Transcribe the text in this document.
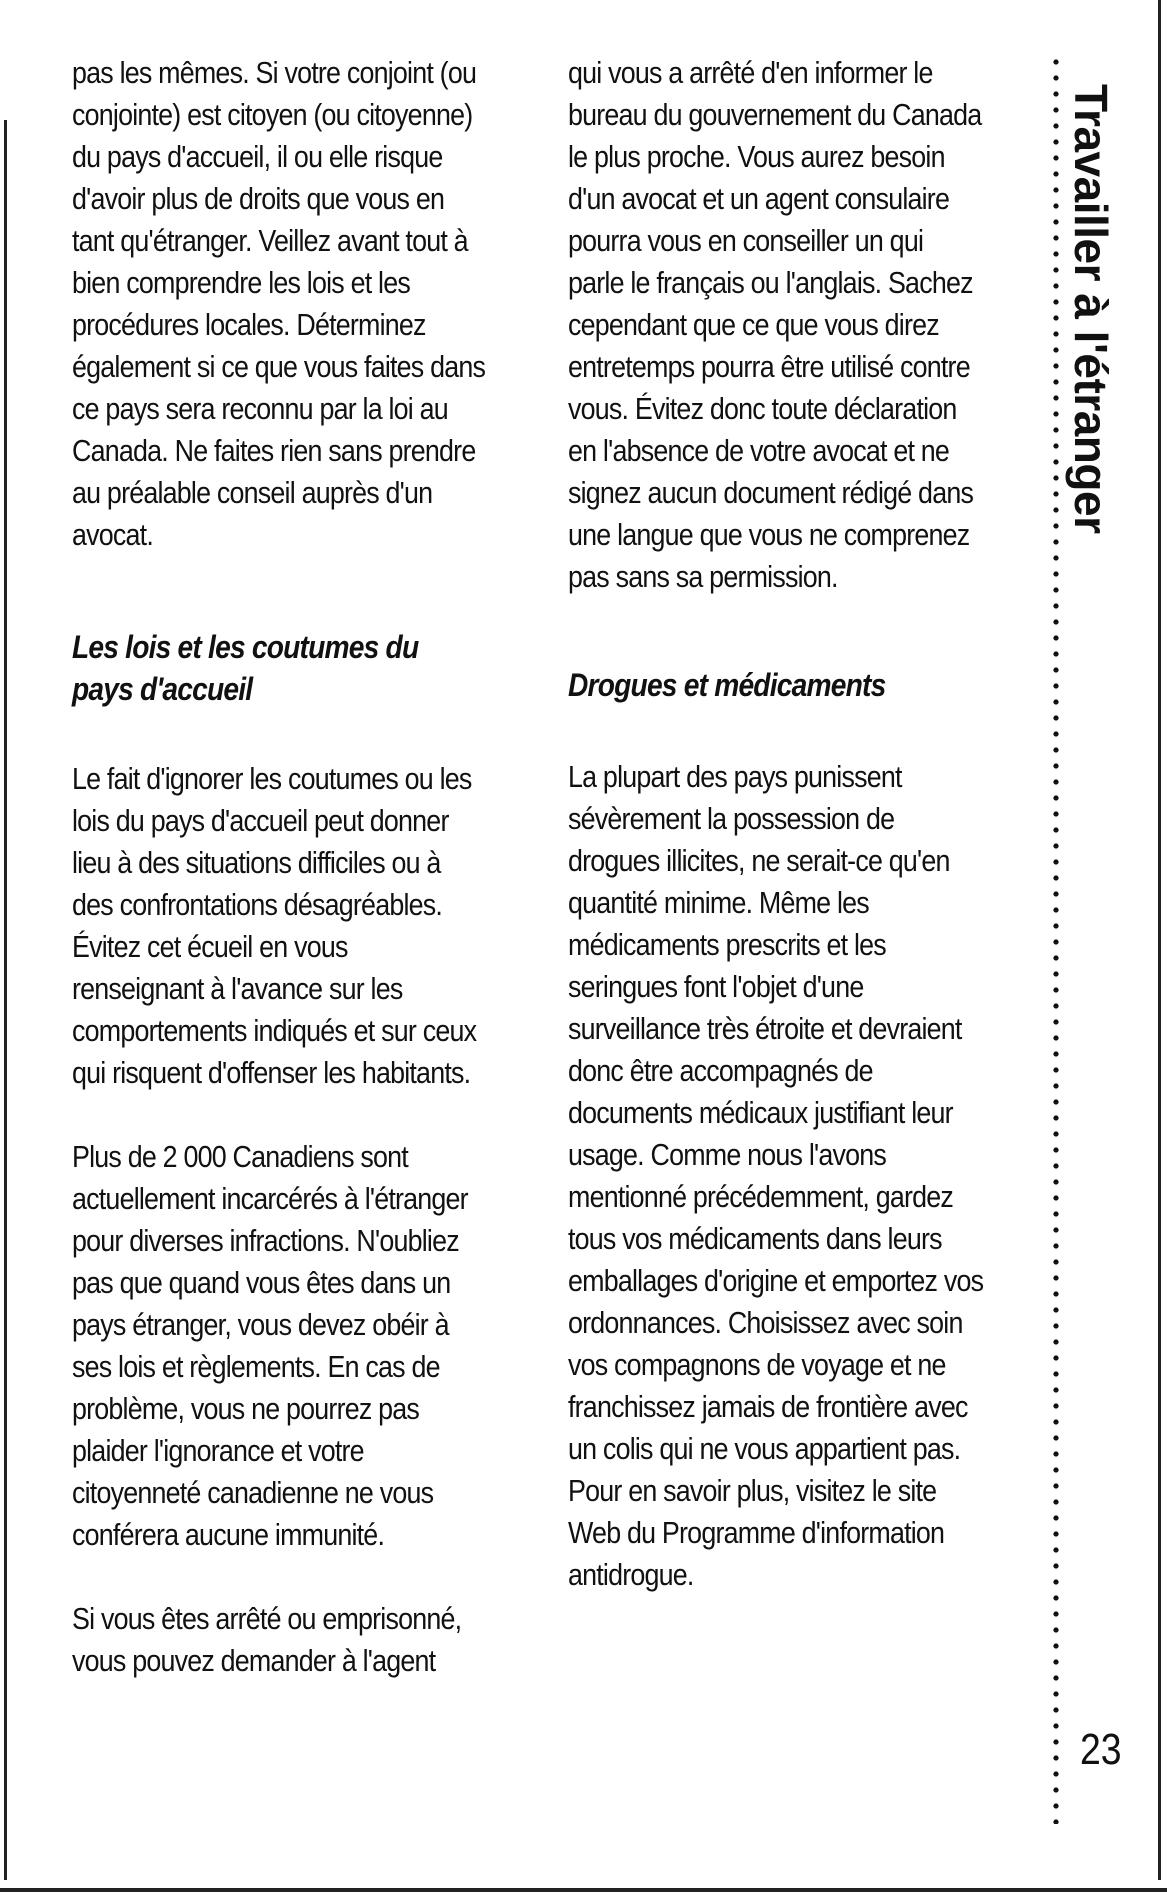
pas les mêmes. Si votre conjoint (ou conjointe) est citoyen (ou citoyenne) du pays d'accueil, il ou elle risque d'avoir plus de droits que vous en tant qu'étranger. Veillez avant tout à bien comprendre les lois et les procédures locales. Déterminez également si ce que vous faites dans ce pays sera reconnu par la loi au Canada. Ne faites rien sans prendre au préalable conseil auprès d'un avocat.

Les lois et les coutumes du pays d'accueil

Le fait d'ignorer les coutumes ou les lois du pays d'accueil peut donner lieu à des situations difficiles ou à des confrontations désagréables. Évitez cet écueil en vous renseignant à l'avance sur les comportements indiqués et sur ceux qui risquent d'offenser les habitants.

Plus de 2 000 Canadiens sont actuellement incarcérés à l'étranger pour diverses infractions. N'oubliez pas que quand vous êtes dans un pays étranger, vous devez obéir à ses lois et règlements. En cas de problème, vous ne pourrez pas plaider l'ignorance et votre citoyenneté canadienne ne vous conférera aucune immunité.

Si vous êtes arrêté ou emprisonné, vous pouvez demander à l'agent

qui vous a arrêté d'en informer le bureau du gouvernement du Canada le plus proche. Vous aurez besoin d'un avocat et un agent consulaire pourra vous en conseiller un qui parle le français ou l'anglais. Sachez cependant que ce que vous direz entretemps pourra être utilisé contre vous. Évitez donc toute déclaration en l'absence de votre avocat et ne signez aucun document rédigé dans une langue que vous ne comprenez pas sans sa permission.

Drogues et médicaments

La plupart des pays punissent sévèrement la possession de drogues illicites, ne serait-ce qu'en quantité minime. Même les médicaments prescrits et les seringues font l'objet d'une surveillance très étroite et devraient donc être accompagnés de documents médicaux justifiant leur usage. Comme nous l'avons mentionné précédemment, gardez tous vos médicaments dans leurs emballages d'origine et emportez vos ordonnances. Choisissez avec soin vos compagnons de voyage et ne franchissez jamais de frontière avec un colis qui ne vous appartient pas. Pour en savoir plus, visitez le site Web du Programme d'information antidrogue.

Travailler à l'étranger
23
